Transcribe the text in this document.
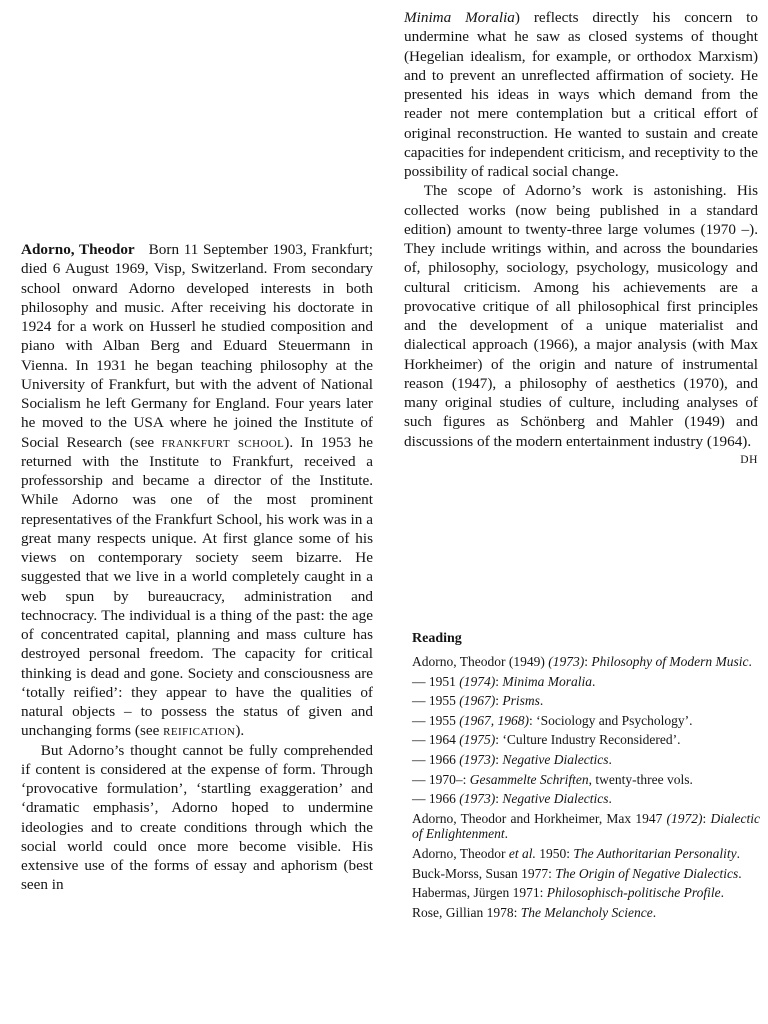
Adorno, Theodor Born 11 September 1903, Frankfurt; died 6 August 1969, Visp, Switzerland. From secondary school onward Adorno developed interests in both philosophy and music. After receiving his doctorate in 1924 for a work on Husserl he studied composition and piano with Alban Berg and Eduard Steuermann in Vienna. In 1931 he began teaching philosophy at the University of Frankfurt, but with the advent of National Socialism he left Germany for England. Four years later he moved to the USA where he joined the Institute of Social Research (see frankfurt school). In 1953 he returned with the Institute to Frankfurt, received a professorship and became a director of the Institute. While Adorno was one of the most prominent representatives of the Frankfurt School, his work was in a great many respects unique. At first glance some of his views on contemporary society seem bizarre. He suggested that we live in a world completely caught in a web spun by bureaucracy, administration and technocracy. The individual is a thing of the past: the age of concentrated capital, planning and mass culture has destroyed personal freedom. The capacity for critical thinking is dead and gone. Society and consciousness are ‘totally reified’: they appear to have the qualities of natural objects – to possess the status of given and unchanging forms (see reification).

But Adorno’s thought cannot be fully comprehended if content is considered at the expense of form. Through ‘provocative formulation’, ‘startling exaggeration’ and ‘dramatic emphasis’, Adorno hoped to undermine ideologies and to create conditions through which the social world could once more become visible. His extensive use of the forms of essay and aphorism (best seen in

Minima Moralia) reflects directly his concern to undermine what he saw as closed systems of thought (Hegelian idealism, for example, or orthodox Marxism) and to prevent an unreflected affirmation of society. He presented his ideas in ways which demand from the reader not mere contemplation but a critical effort of original reconstruction. He wanted to sustain and create capacities for independent criticism, and receptivity to the possibility of radical social change.

The scope of Adorno’s work is astonishing. His collected works (now being published in a standard edition) amount to twenty-three large volumes (1970 –). They include writings within, and across the boundaries of, philosophy, sociology, psychology, musicology and cultural criticism. Among his achievements are a provocative critique of all philosophical first principles and the development of a unique materialist and dialectical approach (1966), a major analysis (with Max Horkheimer) of the origin and nature of instrumental reason (1947), a philosophy of aesthetics (1970), and many original studies of culture, including analyses of such figures as Schönberg and Mahler (1949) and discussions of the modern entertainment industry (1964).
DH

Reading

Adorno, Theodor (1949) (1973): Philosophy of Modern Music.

— 1951 (1974): Minima Moralia.

— 1955 (1967): Prisms.

— 1955 (1967, 1968): ‘Sociology and Psychology’.

— 1964 (1975): ‘Culture Industry Reconsidered’.

— 1966 (1973): Negative Dialectics.

— 1970–: Gesammelte Schriften, twenty-three vols.

— 1966 (1973): Negative Dialectics.

Adorno, Theodor and Horkheimer, Max 1947 (1972): Dialectic of Enlightenment.

Adorno, Theodor et al. 1950: The Authoritarian Personality.

Buck-Morss, Susan 1977: The Origin of Negative Dialectics.

Habermas, Jürgen 1971: Philosophisch-politische Profile.

Rose, Gillian 1978: The Melancholy Science.
